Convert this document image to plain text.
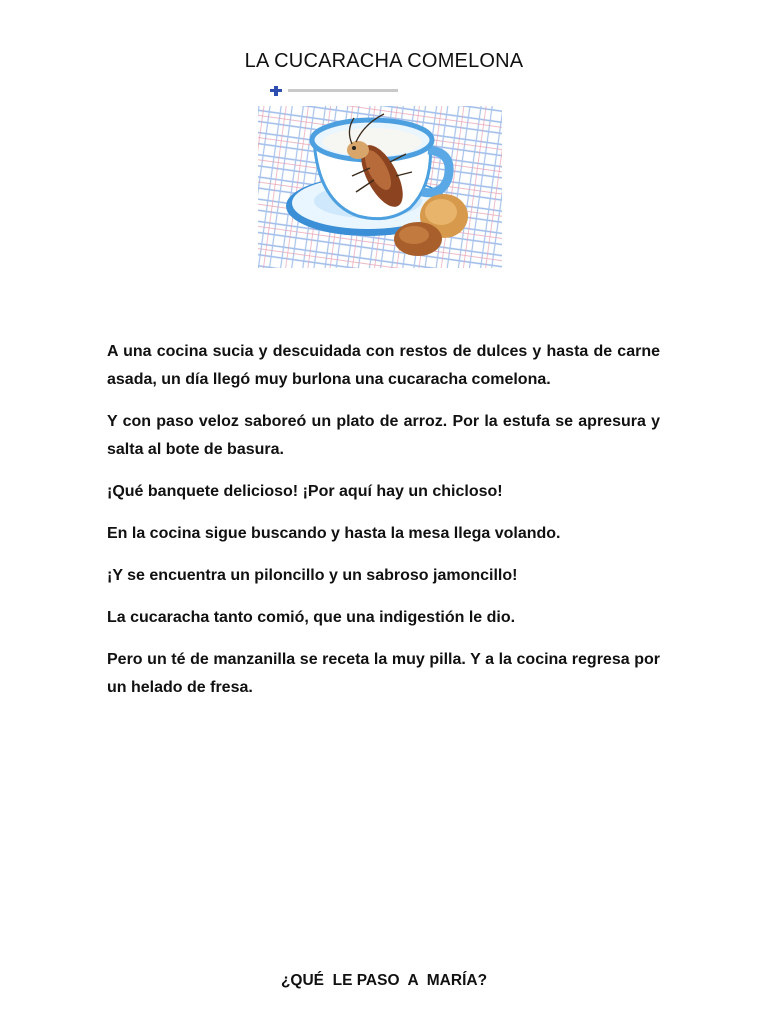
LA CUCARACHA COMELONA

A una cocina sucia y descuidada con restos de dulces y hasta de carne asada, un día llegó muy burlona una cucaracha comelona.

Y con paso veloz saboreó un plato de arroz. Por la estufa se apresura y salta al bote de basura.

¡Qué banquete delicioso! ¡Por aquí hay un chicloso!

En la cocina sigue buscando y hasta la mesa llega volando.

¡Y se encuentra un piloncillo y un sabroso jamoncillo!

La cucaracha tanto comió, que una indigestión le dio.

Pero un té de manzanilla se receta la muy pilla. Y a la cocina regresa por un helado de fresa.

¿QUÉ  LE PASO  A  MARÍA?
